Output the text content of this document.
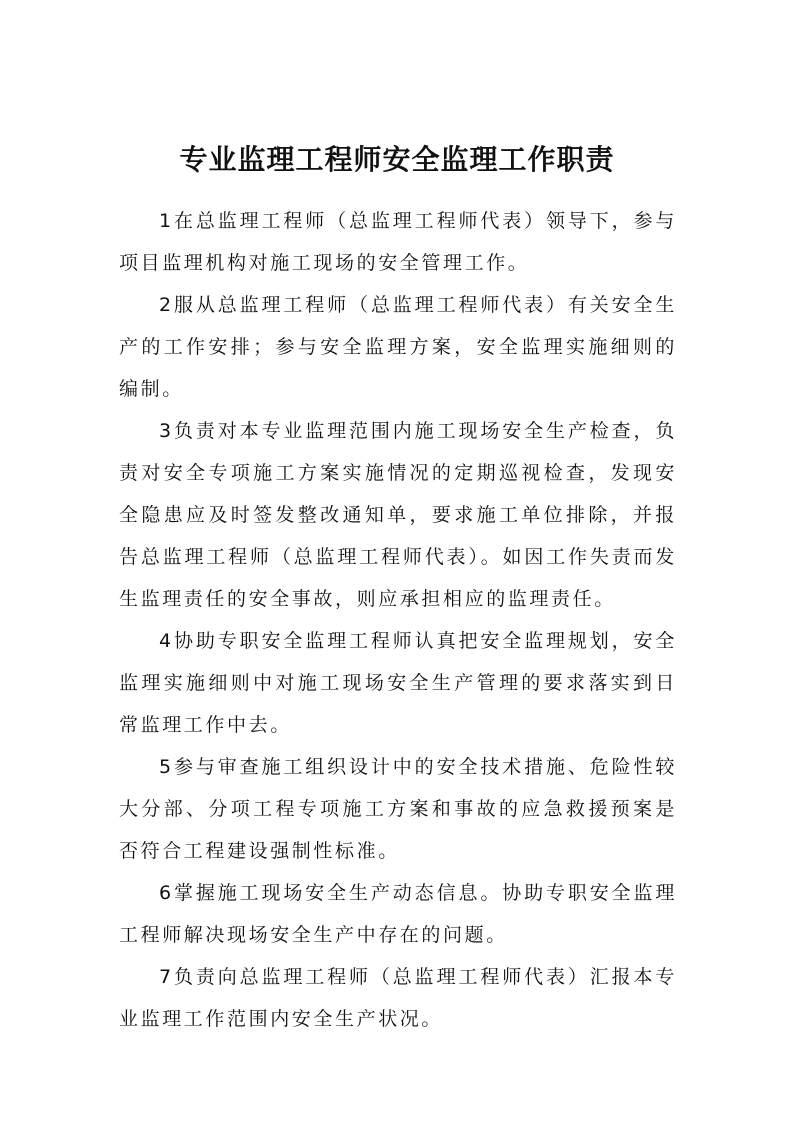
专业监理工程师安全监理工作职责

1在总监理工程师（总监理工程师代表）领导下，参与项目监理机构对施工现场的安全管理工作。

2服从总监理工程师（总监理工程师代表）有关安全生产的工作安排；参与安全监理方案，安全监理实施细则的编制。

3负责对本专业监理范围内施工现场安全生产检查，负责对安全专项施工方案实施情况的定期巡视检查，发现安全隐患应及时签发整改通知单，要求施工单位排除，并报告总监理工程师（总监理工程师代表）。如因工作失责而发生监理责任的安全事故，则应承担相应的监理责任。

4协助专职安全监理工程师认真把安全监理规划，安全监理实施细则中对施工现场安全生产管理的要求落实到日常监理工作中去。

5参与审查施工组织设计中的安全技术措施、危险性较大分部、分项工程专项施工方案和事故的应急救援预案是否符合工程建设强制性标准。

6掌握施工现场安全生产动态信息。协助专职安全监理工程师解决现场安全生产中存在的问题。

7负责向总监理工程师（总监理工程师代表）汇报本专业监理工作范围内安全生产状况。
